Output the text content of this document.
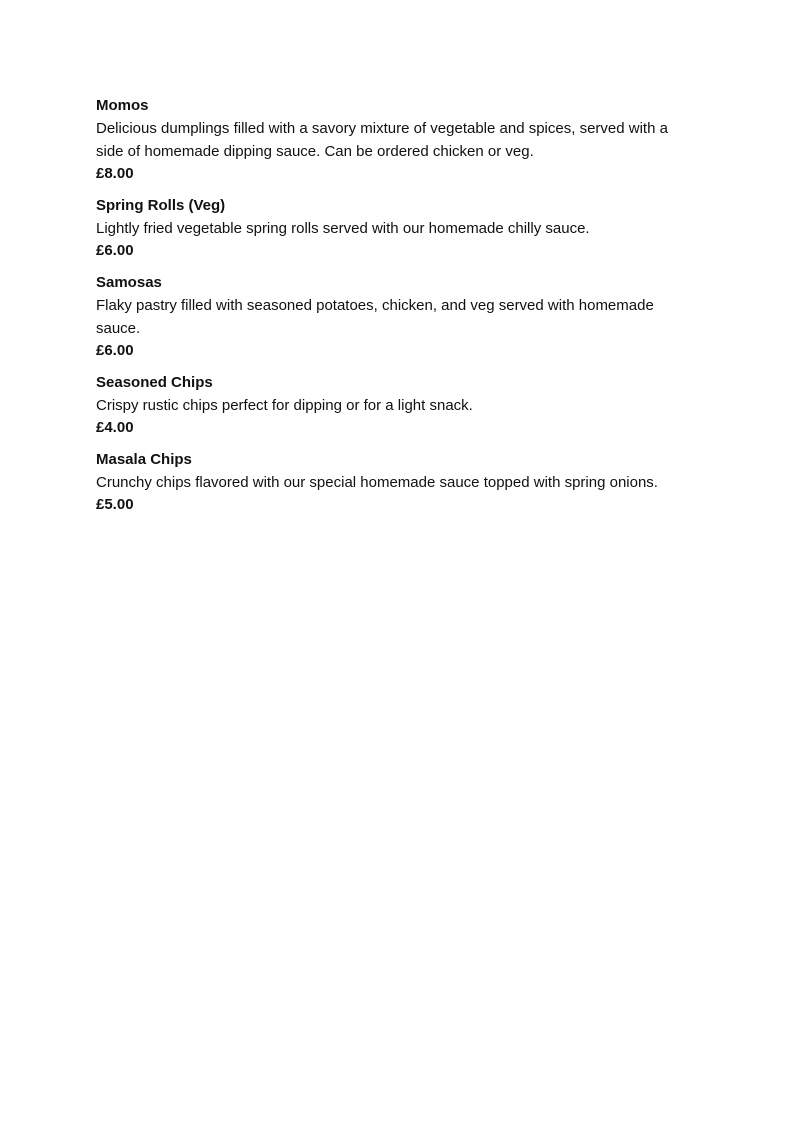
Momos

Delicious dumplings filled with a savory mixture of vegetable and spices, served with a side of homemade dipping sauce. Can be ordered chicken or veg.

£8.00

Spring Rolls (Veg)

Lightly fried vegetable spring rolls served with our homemade chilly sauce.

£6.00

Samosas

Flaky pastry filled with seasoned potatoes, chicken, and veg served with homemade sauce.

£6.00

Seasoned Chips

Crispy rustic chips perfect for dipping or for a light snack.

£4.00

Masala Chips

Crunchy chips flavored with our special homemade sauce topped with spring onions.

£5.00
